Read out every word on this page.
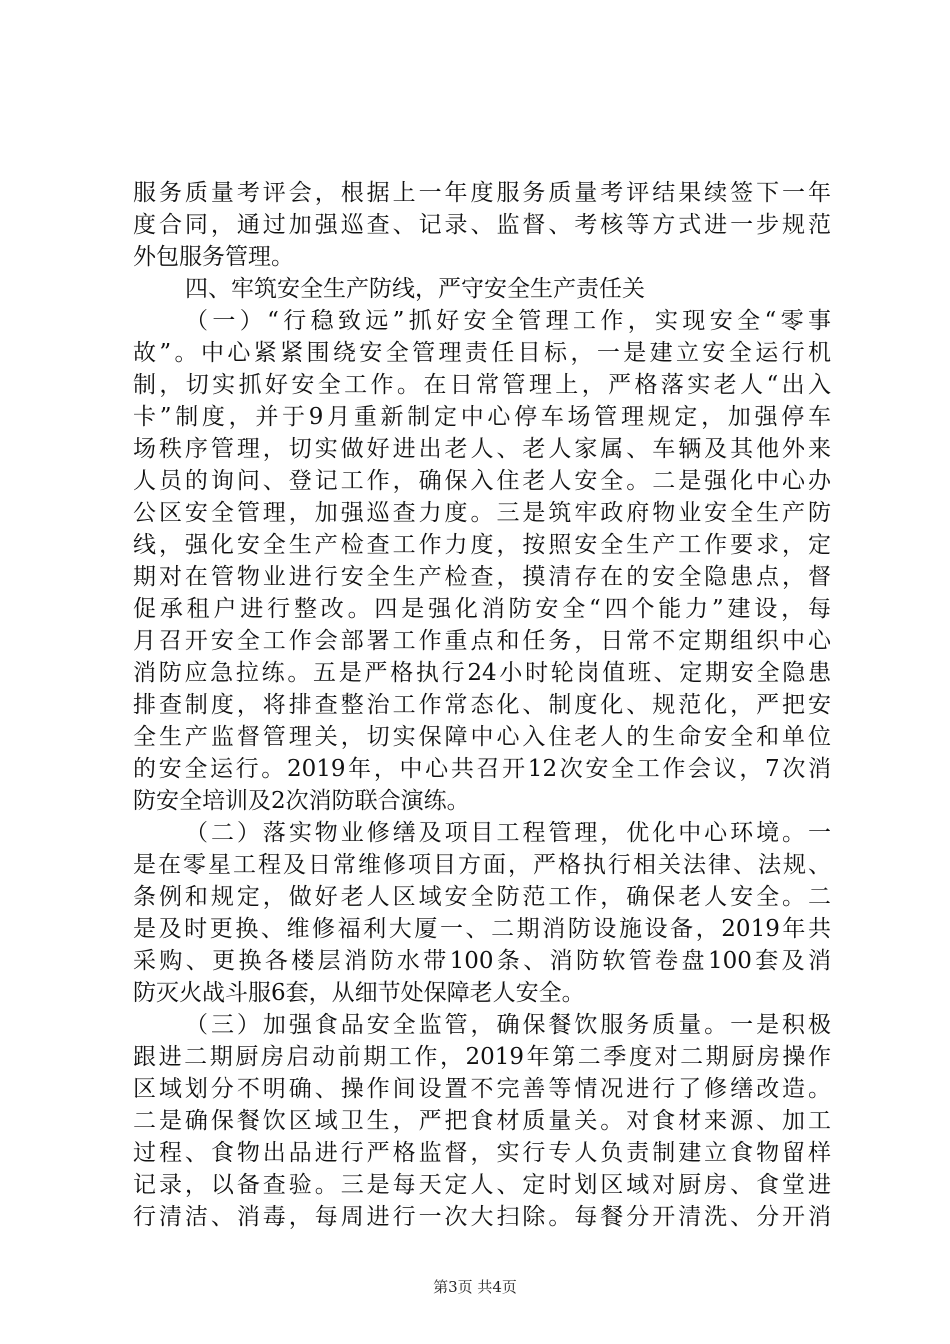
服务质量考评会，根据上一年度服务质量考评结果续签下一年
度合同，通过加强巡查、记录、监督、考核等方式进一步规范
外包服务管理。
四、牢筑安全生产防线，严守安全生产责任关
（一）“行稳致远”抓好安全管理工作，实现安全“零事
故”。中心紧紧围绕安全管理责任目标，一是建立安全运行机
制，切实抓好安全工作。在日常管理上，严格落实老人“出入
卡”制度，并于9月重新制定中心停车场管理规定，加强停车
场秩序管理，切实做好进出老人、老人家属、车辆及其他外来
人员的询问、登记工作，确保入住老人安全。二是强化中心办
公区安全管理，加强巡查力度。三是筑牢政府物业安全生产防
线，强化安全生产检查工作力度，按照安全生产工作要求，定
期对在管物业进行安全生产检查，摸清存在的安全隐患点，督
促承租户进行整改。四是强化消防安全“四个能力”建设，每
月召开安全工作会部署工作重点和任务，日常不定期组织中心
消防应急拉练。五是严格执行24小时轮岗值班、定期安全隐患
排查制度，将排查整治工作常态化、制度化、规范化，严把安
全生产监督管理关，切实保障中心入住老人的生命安全和单位
的安全运行。2019年，中心共召开12次安全工作会议，7次消
防安全培训及2次消防联合演练。
（二）落实物业修缮及项目工程管理，优化中心环境。一
是在零星工程及日常维修项目方面，严格执行相关法律、法规、
条例和规定，做好老人区域安全防范工作，确保老人安全。二
是及时更换、维修福利大厦一、二期消防设施设备，2019年共
采购、更换各楼层消防水带100条、消防软管卷盘100套及消
防灭火战斗服6套，从细节处保障老人安全。
（三）加强食品安全监管，确保餐饮服务质量。一是积极
跟进二期厨房启动前期工作，2019年第二季度对二期厨房操作
区域划分不明确、操作间设置不完善等情况进行了修缮改造。
二是确保餐饮区域卫生，严把食材质量关。对食材来源、加工
过程、食物出品进行严格监督，实行专人负责制建立食物留样
记录，以备查验。三是每天定人、定时划区域对厨房、食堂进
行清洁、消毒，每周进行一次大扫除。每餐分开清洗、分开消
第3页 共4页
